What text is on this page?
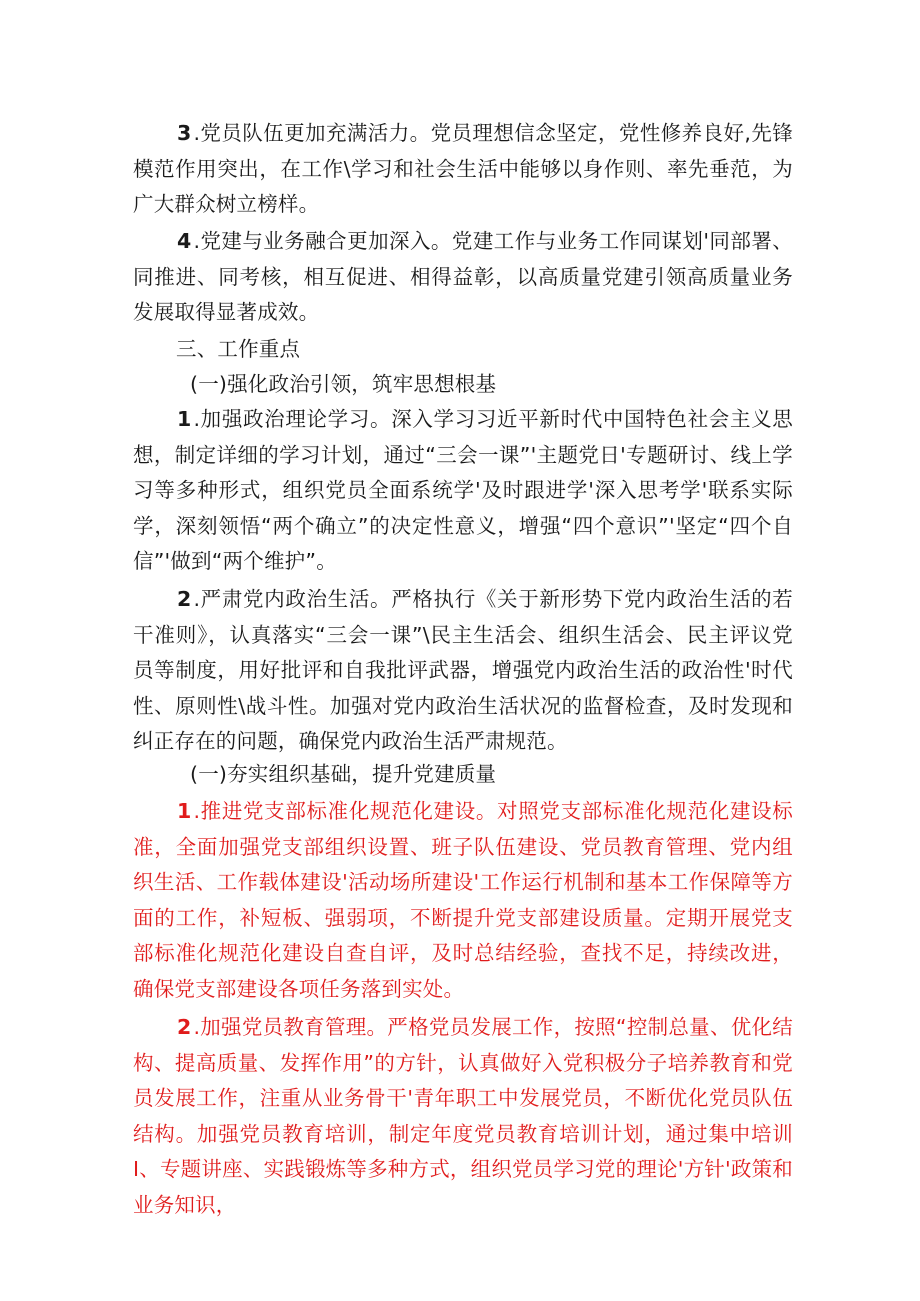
3.党员队伍更加充满活力。党员理想信念坚定，党性修养良好,先锋模范作用突出，在工作\学习和社会生活中能够以身作则、率先垂范，为广大群众树立榜样。
4.党建与业务融合更加深入。党建工作与业务工作同谋划'同部署、同推进、同考核，相互促进、相得益彰，以高质量党建引领高质量业务发展取得显著成效。
三、工作重点
(一)强化政治引领，筑牢思想根基
1.加强政治理论学习。深入学习习近平新时代中国特色社会主义思想，制定详细的学习计划，通过“三会一课”'主题党日'专题研讨、线上学习等多种形式，组织党员全面系统学'及时跟进学'深入思考学'联系实际学，深刻领悟“两个确立”的决定性意义，增强“四个意识”'坚定“四个自信”'做到“两个维护”。
2.严肃党内政治生活。严格执行《关于新形势下党内政治生活的若干准则》，认真落实“三会一课”\民主生活会、组织生活会、民主评议党员等制度，用好批评和自我批评武器，增强党内政治生活的政治性'时代性、原则性\战斗性。加强对党内政治生活状况的监督检查，及时发现和纠正存在的问题，确保党内政治生活严肃规范。
(一)夯实组织基础，提升党建质量
1.推进党支部标准化规范化建设。对照党支部标准化规范化建设标准，全面加强党支部组织设置、班子队伍建设、党员教育管理、党内组织生活、工作载体建设'活动场所建设'工作运行机制和基本工作保障等方面的工作，补短板、强弱项，不断提升党支部建设质量。定期开展党支部标准化规范化建设自查自评，及时总结经验，查找不足，持续改进，确保党支部建设各项任务落到实处。
2.加强党员教育管理。严格党员发展工作，按照“控制总量、优化结构、提高质量、发挥作用”的方针，认真做好入党积极分子培养教育和党员发展工作，注重从业务骨干'青年职工中发展党员，不断优化党员队伍结构。加强党员教育培训，制定年度党员教育培训计划，通过集中培训I、专题讲座、实践锻炼等多种方式，组织党员学习党的理论'方针'政策和业务知识，
